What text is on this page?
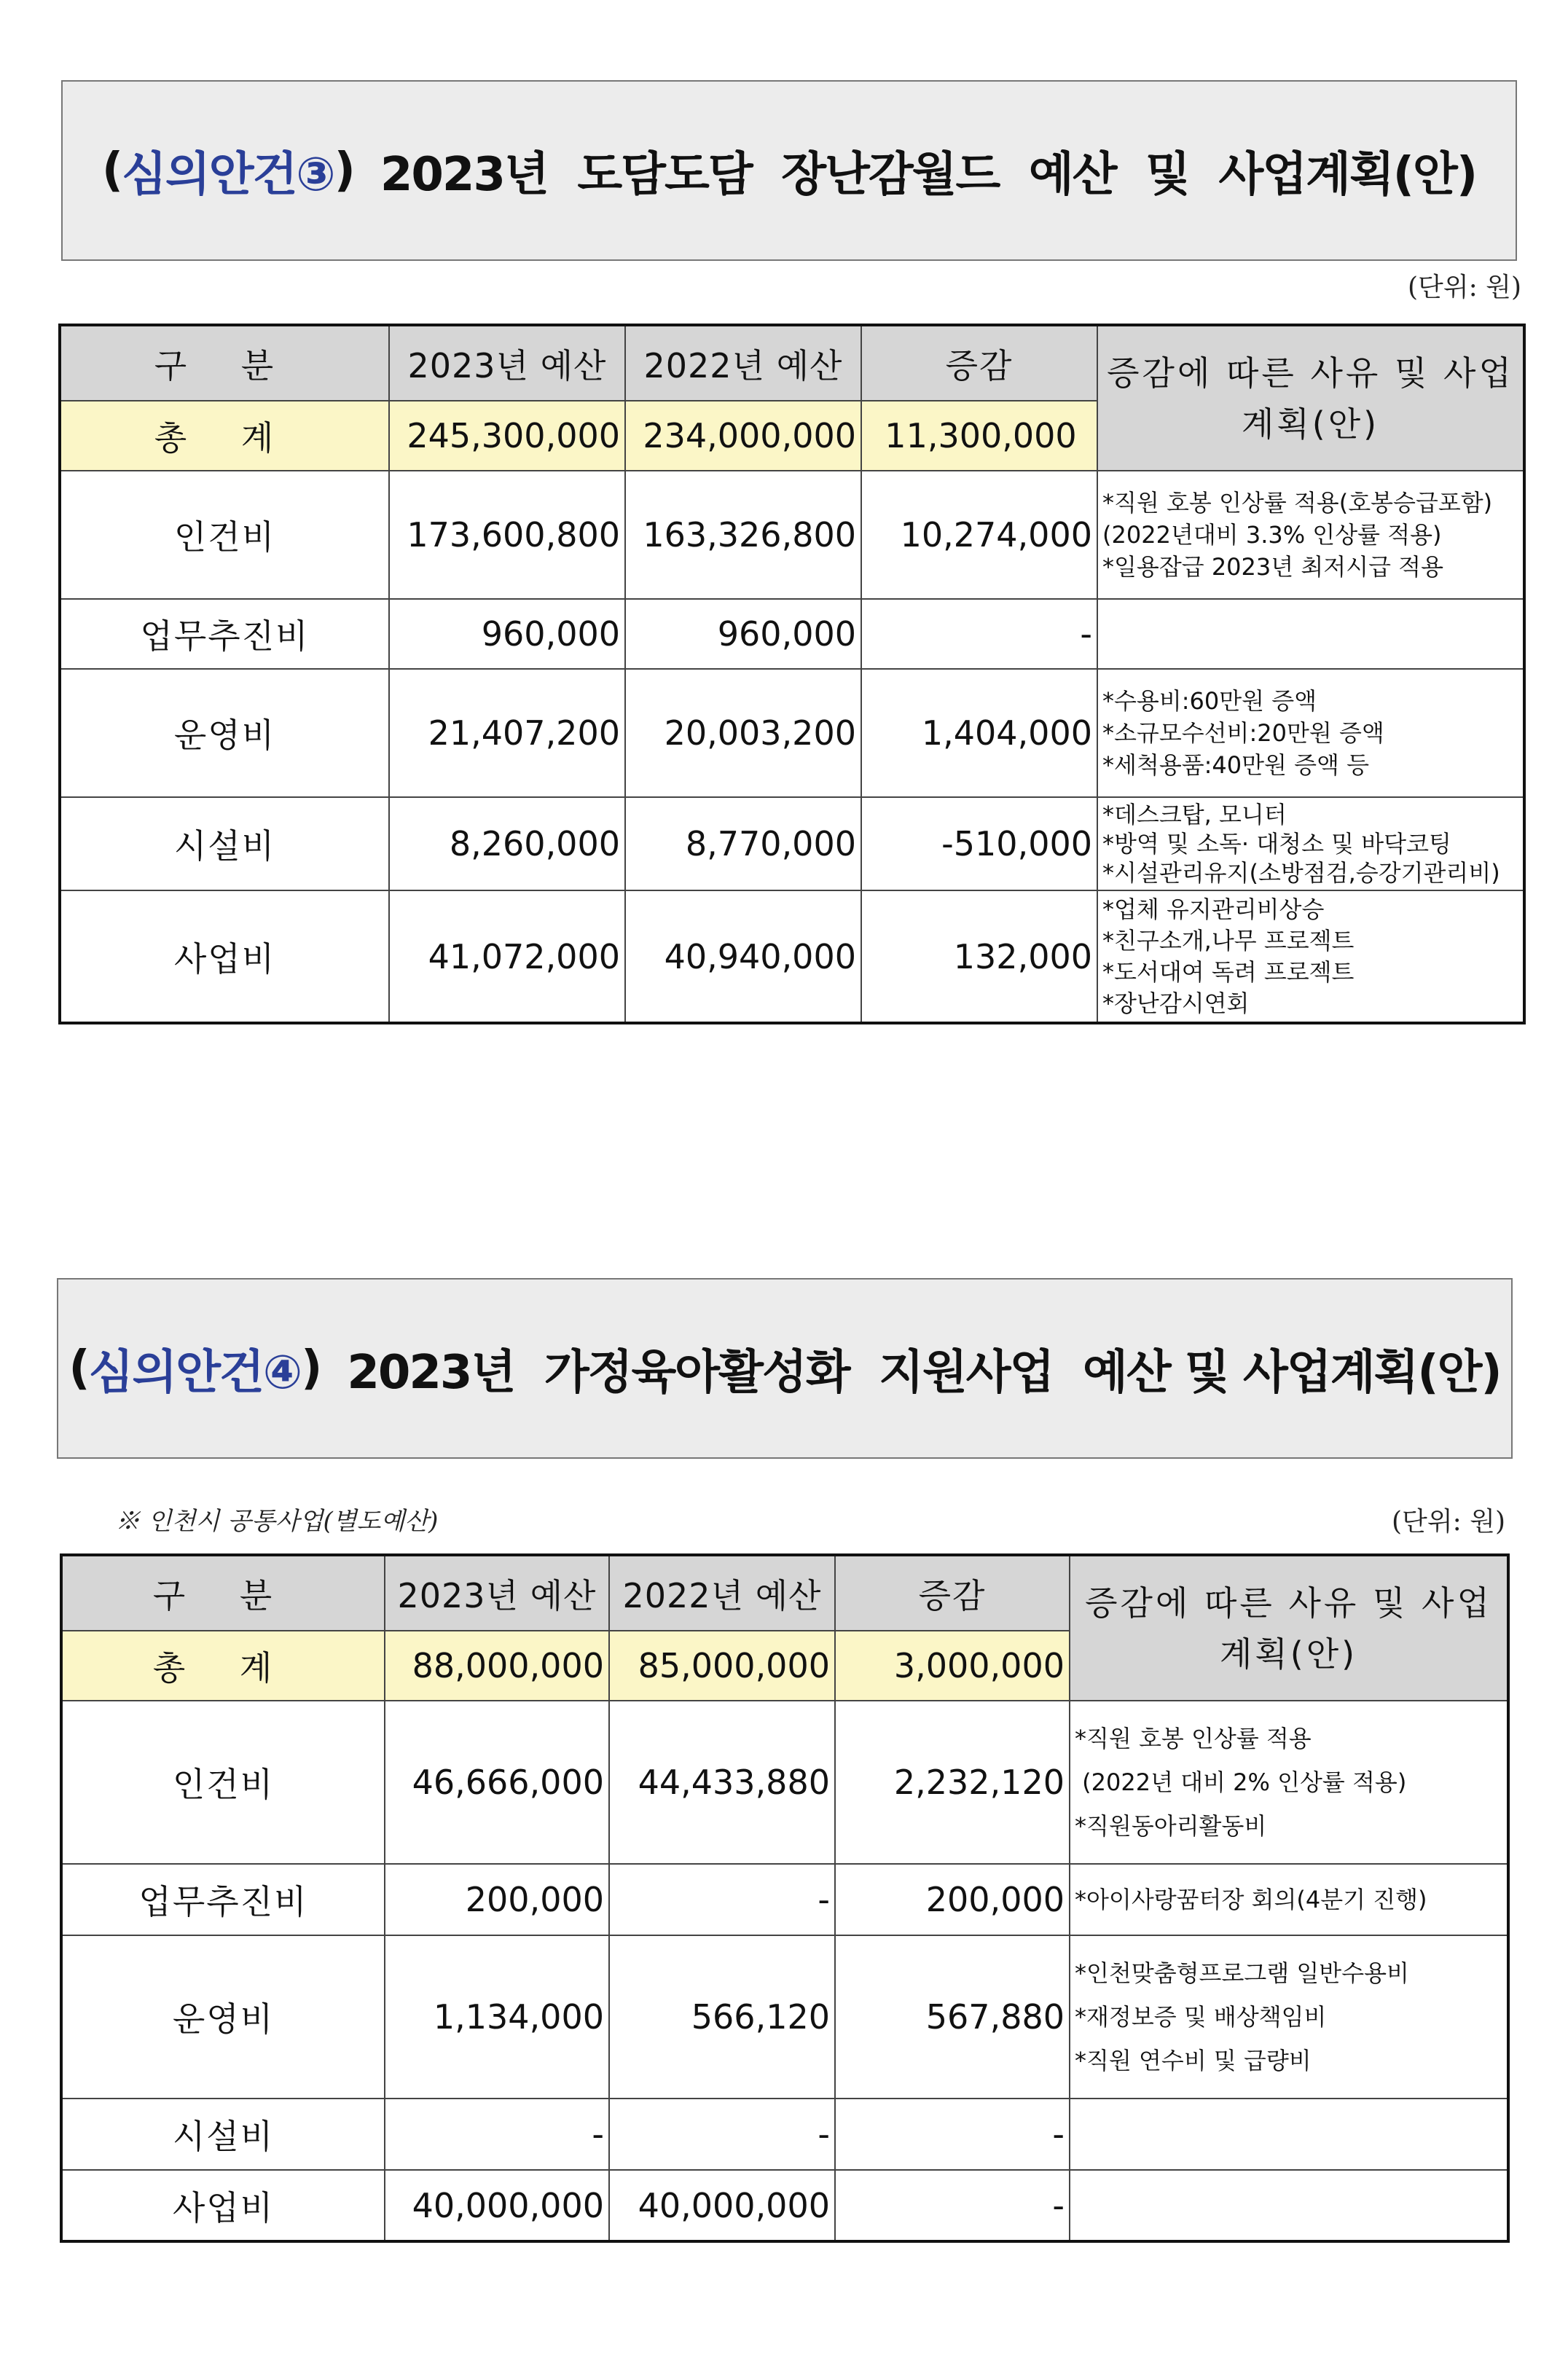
( 심의안건③ ) 2023년  도담도담  장난감월드  예산  및  사업계획(안)
(단위: 원)
구 분	2023년 예산	2022년 예산	증감	증감에 따른 사유 및 사업계획(안)
총 계	245,300,000	234,000,000	11,300,000	
인건비	173,600,800	163,326,800	10,274,000	*직원 호봉 인상률 적용(호봉승급포함)
(2022년대비 3.3% 인상률 적용)
*일용잡급 2023년 최저시급 적용

업무추진비	960,000	960,000	-	
운영비	21,407,200	20,003,200	1,404,000	*수용비:60만원 증액
*소규모수선비:20만원 증액
*세척용품:40만원 증액 등

시설비	8,260,000	8,770,000	-510,000	*데스크탑, 모니터
*방역 및 소독· 대청소 및 바닥코팅
*시설관리유지(소방점검,승강기관리비)

사업비	41,072,000	40,940,000	132,000	*업체 유지관리비상승
*친구소개,나무 프로젝트
*도서대여 독려 프로젝트
*장난감시연회
( 심의안건④ ) 2023년  가정육아활성화  지원사업  예산 및 사업계획(안)
※ 인천시 공통사업(별도예산)	(단위: 원)
구 분	2023년 예산	2022년 예산	증감	증감에 따른 사유 및 사업계획(안)
총 계	88,000,000	85,000,000	3,000,000	
인건비	46,666,000	44,433,880	2,232,120	*직원 호봉 인상률 적용
(2022년 대비 2% 인상률 적용)
*직원동아리활동비

업무추진비	200,000	-	200,000	*아이사랑꿈터장 회의(4분기 진행)

운영비	1,134,000	566,120	567,880	*인천맞춤형프로그램 일반수용비
*재정보증 및 배상책임비
*직원 연수비 및 급량비

시설비	-	-	-	
사업비	40,000,000	40,000,000	-	
